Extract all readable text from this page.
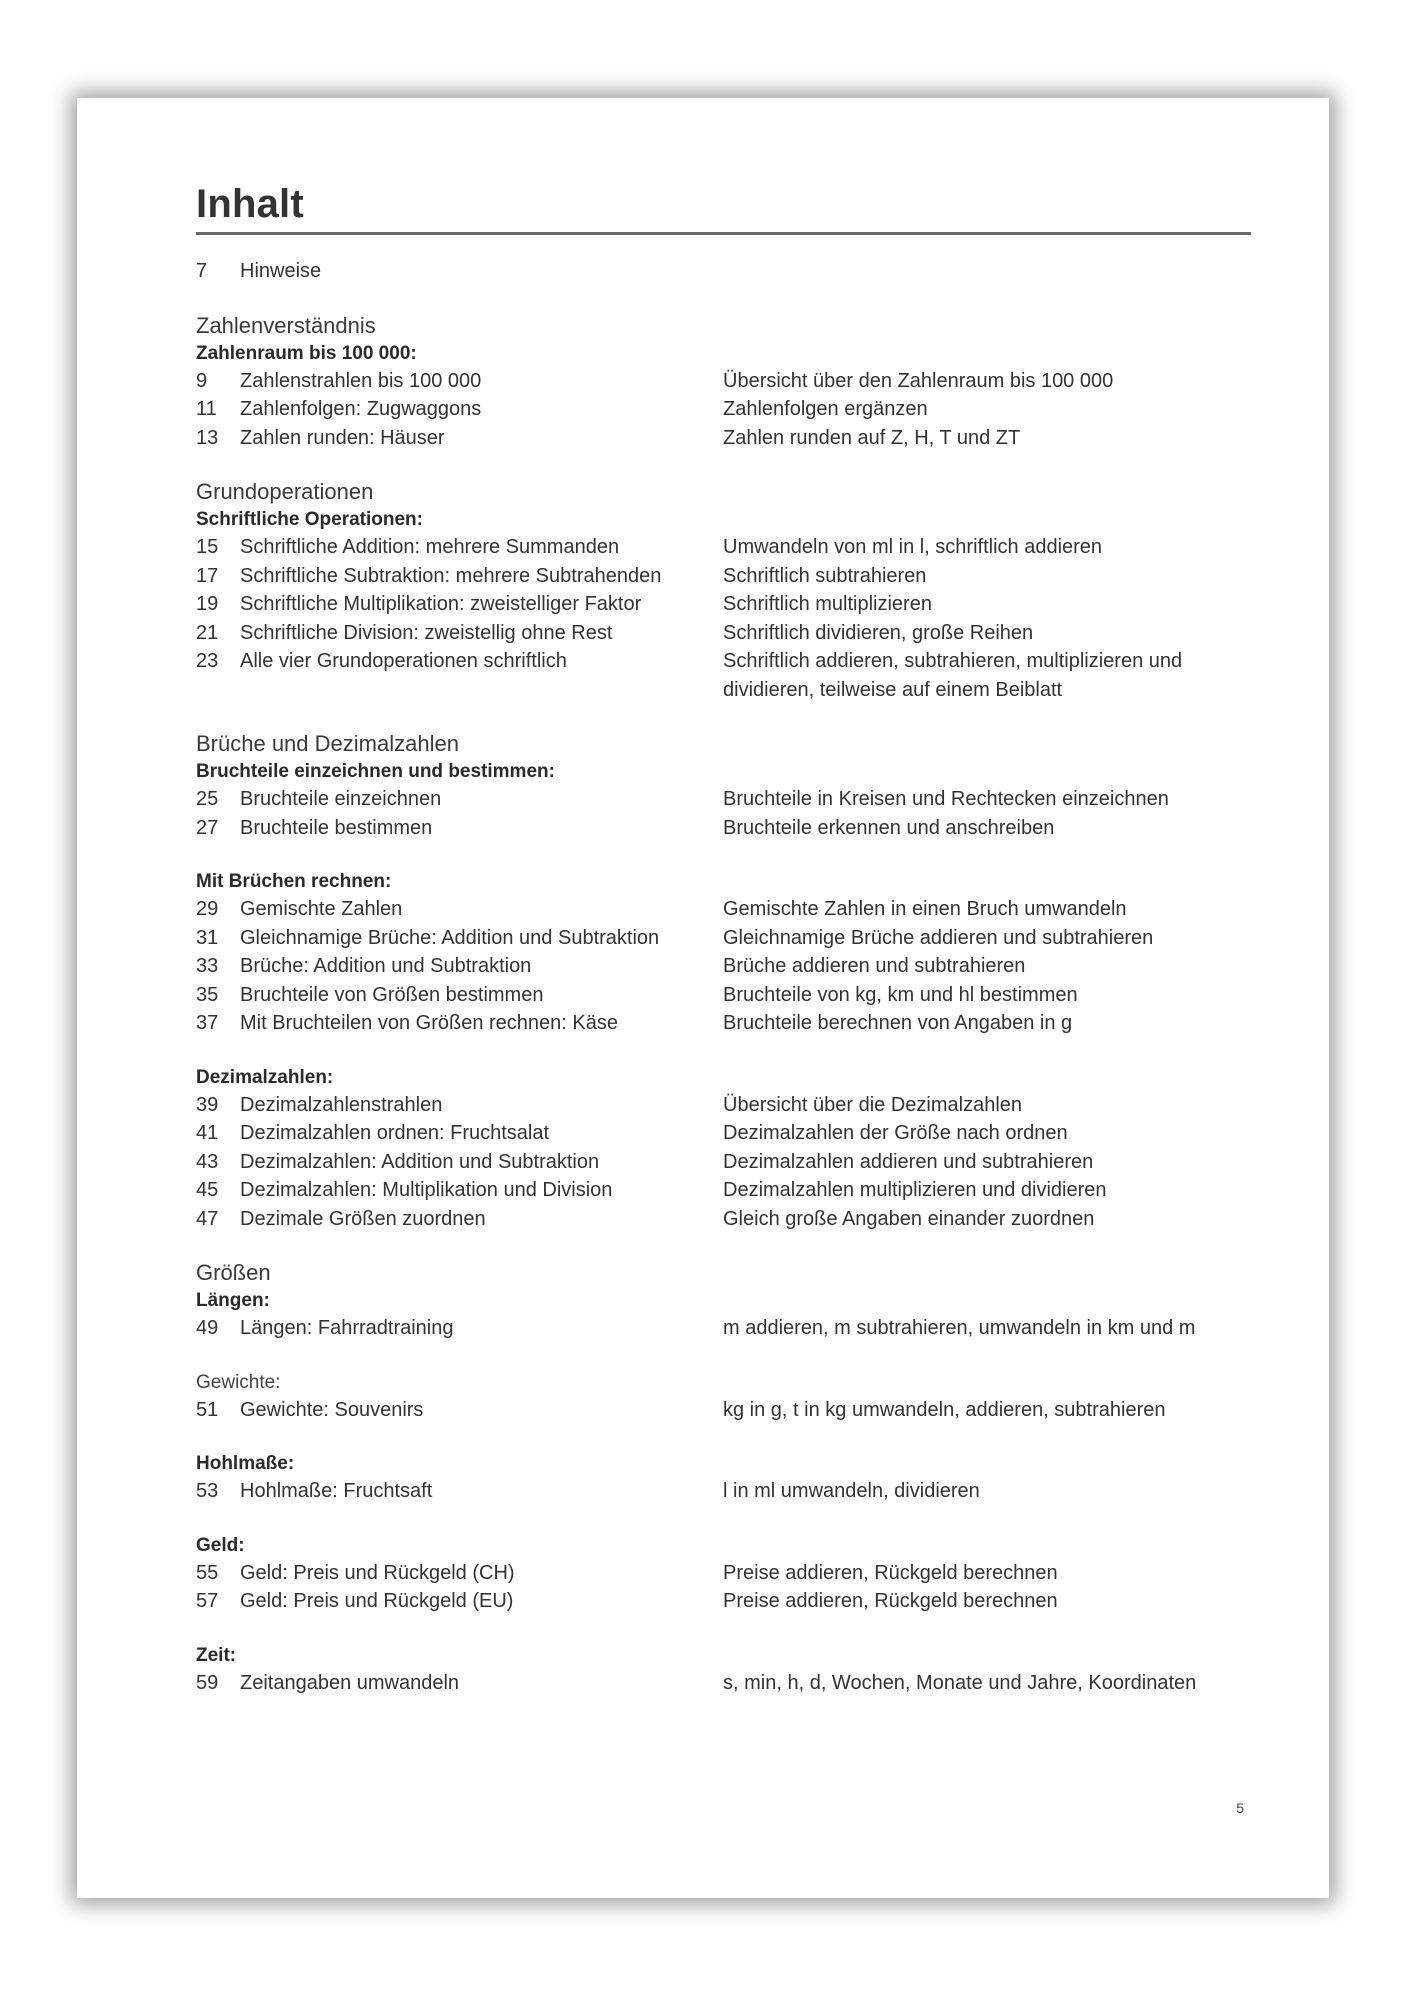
Inhalt
7	Hinweise
Zahlenverständnis
Zahlenraum bis 100 000:
9	Zahlenstrahlen bis 100 000	Übersicht über den Zahlenraum bis 100 000
11	Zahlenfolgen: Zugwaggons	Zahlenfolgen ergänzen
13	Zahlen runden: Häuser	Zahlen runden auf Z, H, T und ZT
Grundoperationen
Schriftliche Operationen:
15	Schriftliche Addition: mehrere Summanden	Umwandeln von ml in l, schriftlich addieren
17	Schriftliche Subtraktion: mehrere Subtrahenden	Schriftlich subtrahieren
19	Schriftliche Multiplikation: zweistelliger Faktor	Schriftlich multiplizieren
21	Schriftliche Division: zweistellig ohne Rest	Schriftlich dividieren, große Reihen
23	Alle vier Grundoperationen schriftlich	Schriftlich addieren, subtrahieren, multiplizieren und dividieren, teilweise auf einem Beiblatt
Brüche und Dezimalzahlen
Bruchteile einzeichnen und bestimmen:
25	Bruchteile einzeichnen	Bruchteile in Kreisen und Rechtecken einzeichnen
27	Bruchteile bestimmen	Bruchteile erkennen und anschreiben
Mit Brüchen rechnen:
29	Gemischte Zahlen	Gemischte Zahlen in einen Bruch umwandeln
31	Gleichnamige Brüche: Addition und Subtraktion	Gleichnamige Brüche addieren und subtrahieren
33	Brüche: Addition und Subtraktion	Brüche addieren und subtrahieren
35	Bruchteile von Größen bestimmen	Bruchteile von kg, km und hl bestimmen
37	Mit Bruchteilen von Größen rechnen: Käse	Bruchteile berechnen von Angaben in g
Dezimalzahlen:
39	Dezimalzahlenstrahlen	Übersicht über die Dezimalzahlen
41	Dezimalzahlen ordnen: Fruchtsalat	Dezimalzahlen der Größe nach ordnen
43	Dezimalzahlen: Addition und Subtraktion	Dezimalzahlen addieren und subtrahieren
45	Dezimalzahlen: Multiplikation und Division	Dezimalzahlen multiplizieren und dividieren
47	Dezimale Größen zuordnen	Gleich große Angaben einander zuordnen
Größen
Längen:
49	Längen: Fahrradtraining	m addieren, m subtrahieren, umwandeln in km und m
Gewichte:
51	Gewichte: Souvenirs	kg in g, t in kg umwandeln, addieren, subtrahieren
Hohlmaße:
53	Hohlmaße: Fruchtsaft	l in ml umwandeln, dividieren
Geld:
55	Geld: Preis und Rückgeld (CH)	Preise addieren, Rückgeld berechnen
57	Geld: Preis und Rückgeld (EU)	Preise addieren, Rückgeld berechnen
Zeit:
59	Zeitangaben umwandeln	s, min, h, d, Wochen, Monate und Jahre, Koordinaten
5
